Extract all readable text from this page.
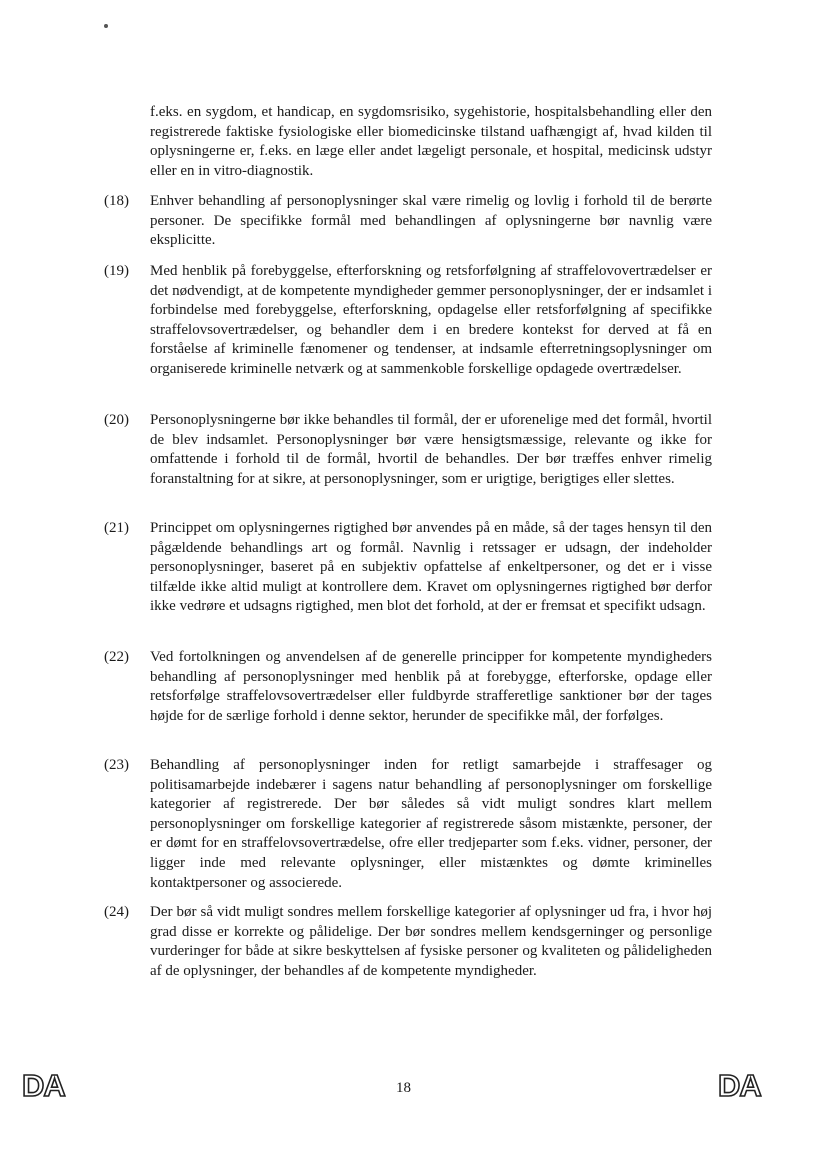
f.eks. en sygdom, et handicap, en sygdomsrisiko, sygehistorie, hospitalsbehandling eller den registrerede faktiske fysiologiske eller biomedicinske tilstand uafhængigt af, hvad kilden til oplysningerne er, f.eks. en læge eller andet lægeligt personale, et hospital, medicinsk udstyr eller en in vitro-diagnostik.
(18) Enhver behandling af personoplysninger skal være rimelig og lovlig i forhold til de berørte personer. De specifikke formål med behandlingen af oplysningerne bør navnlig være eksplicitte.
(19) Med henblik på forebyggelse, efterforskning og retsforfølgning af straffelovovertrædelser er det nødvendigt, at de kompetente myndigheder gemmer personoplysninger, der er indsamlet i forbindelse med forebyggelse, efterforskning, opdagelse eller retsforfølgning af specifikke straffelovsovertrædelser, og behandler dem i en bredere kontekst for derved at få en forståelse af kriminelle fænomener og tendenser, at indsamle efterretningsoplysninger om organiserede kriminelle netværk og at sammenkoble forskellige opdagede overtrædelser.
(20) Personoplysningerne bør ikke behandles til formål, der er uforenelige med det formål, hvortil de blev indsamlet. Personoplysninger bør være hensigtsmæssige, relevante og ikke for omfattende i forhold til de formål, hvortil de behandles. Der bør træffes enhver rimelig foranstaltning for at sikre, at personoplysninger, som er urigtige, berigtiges eller slettes.
(21) Princippet om oplysningernes rigtighed bør anvendes på en måde, så der tages hensyn til den pågældende behandlings art og formål. Navnlig i retssager er udsagn, der indeholder personoplysninger, baseret på en subjektiv opfattelse af enkeltpersoner, og det er i visse tilfælde ikke altid muligt at kontrollere dem. Kravet om oplysningernes rigtighed bør derfor ikke vedrøre et udsagns rigtighed, men blot det forhold, at der er fremsat et specifikt udsagn.
(22) Ved fortolkningen og anvendelsen af de generelle principper for kompetente myndigheders behandling af personoplysninger med henblik på at forebygge, efterforske, opdage eller retsforfølge straffelovsovertrædelser eller fuldbyrde strafferetlige sanktioner bør der tages højde for de særlige forhold i denne sektor, herunder de specifikke mål, der forfølges.
(23) Behandling af personoplysninger inden for retligt samarbejde i straffesager og politisamarbejde indebærer i sagens natur behandling af personoplysninger om forskellige kategorier af registrerede. Der bør således så vidt muligt sondres klart mellem personoplysninger om forskellige kategorier af registrerede såsom mistænkte, personer, der er dømt for en straffelovsovertrædelse, ofre eller tredjeparter som f.eks. vidner, personer, der ligger inde med relevante oplysninger, eller mistænktes og dømte kriminelles kontaktpersoner og associerede.
(24) Der bør så vidt muligt sondres mellem forskellige kategorier af oplysninger ud fra, i hvor høj grad disse er korrekte og pålidelige. Der bør sondres mellem kendsgerninger og personlige vurderinger for både at sikre beskyttelsen af fysiske personer og kvaliteten og pålideligheden af de oplysninger, der behandles af de kompetente myndigheder.
DA	18	DA
